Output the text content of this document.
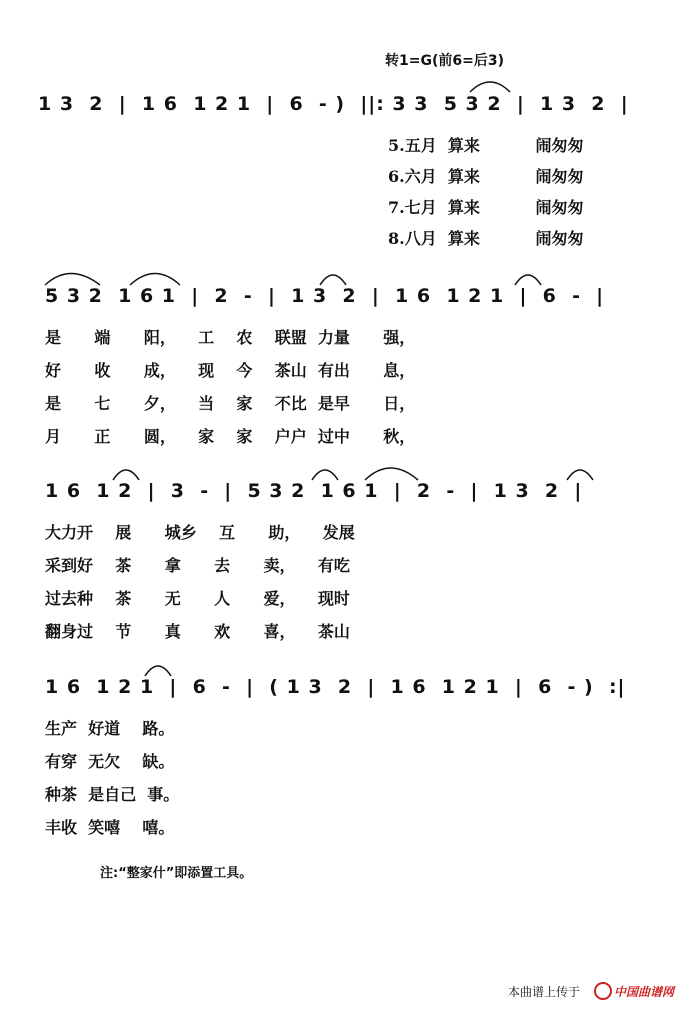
转1=G(前6=后3)
1 3  2  |  1 6  1 2 1  |  6  - )  ||: 3 3  5 3 2  |  1 3  2  |
5.五月  算来          闹匆匆
6.六月  算来          闹匆匆
7.七月  算来          闹匆匆
8.八月  算来          闹匆匆
5 3 2  1 6 1  |  2  -  |  1 3  2  |  1 6  1 2 1  |  6  -  |
是      端      阳，    工    农    联盟  力量      强，
好      收      成，    现    今    茶山  有出      息，
是      七      夕，    当    家    不比  是早      日，
月      正      圆，    家    家    户户  过中      秋，
1 6  1 2  |  3  -  |  5 3 2  1 6 1  |  2  -  |  1 3  2  |
大力开    展      城乡    互      助，    发展
采到好    茶      拿      去      卖，    有吃
过去种    茶      无      人      爱，    现时
翻身过    节      真      欢      喜，    茶山
1 6  1 2 1  |  6  -  |  ( 1 3  2  |  1 6  1 2 1  |  6  - )  :|
生产  好道    路。
有穿  无欠    缺。
种茶  是自己  事。
丰收  笑嘻    嘻。
注:“整家什”即添置工具。
本曲谱上传于	中国曲谱网
